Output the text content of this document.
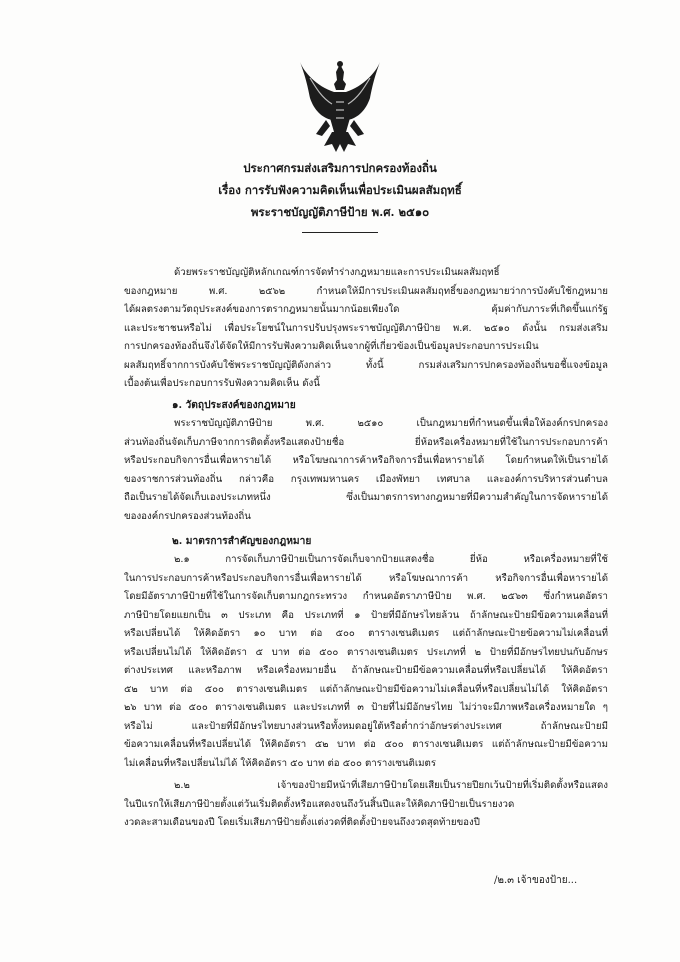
ประกาศกรมส่งเสริมการปกครองท้องถิ่น
เรื่อง การรับฟังความคิดเห็นเพื่อประเมินผลสัมฤทธิ์
พระราชบัญญัติภาษีป้าย พ.ศ. ๒๕๑๐
ด้วยพระราชบัญญัติหลักเกณฑ์การจัดทำร่างกฎหมายและการประเมินผลสัมฤทธิ์
ของกฎหมาย พ.ศ. ๒๕๖๒ กำหนดให้มีการประเมินผลสัมฤทธิ์ของกฎหมายว่าการบังคับใช้กฎหมาย
ได้ผลตรงตามวัตถุประสงค์ของการตรากฎหมายนั้นมากน้อยเพียงใด คุ้มค่ากับภาระที่เกิดขึ้นแก่รัฐ
และประชาชนหรือไม่ เพื่อประโยชน์ในการปรับปรุงพระราชบัญญัติภาษีป้าย พ.ศ. ๒๕๑๐ ดังนั้น กรมส่งเสริม
การปกครองท้องถิ่นจึงได้จัดให้มีการรับฟังความคิดเห็นจากผู้ที่เกี่ยวข้องเป็นข้อมูลประกอบการประเมิน
ผลสัมฤทธิ์จากการบังคับใช้พระราชบัญญัติดังกล่าว ทั้งนี้ กรมส่งเสริมการปกครองท้องถิ่นขอชี้แจงข้อมูล
เบื้องต้นเพื่อประกอบการรับฟังความคิดเห็น ดังนี้
๑. วัตถุประสงค์ของกฎหมาย
พระราชบัญญัติภาษีป้าย พ.ศ. ๒๕๑๐ เป็นกฎหมายที่กำหนดขึ้นเพื่อให้องค์กรปกครอง
ส่วนท้องถิ่นจัดเก็บภาษีจากการติดตั้งหรือแสดงป้ายชื่อ ยี่ห้อหรือเครื่องหมายที่ใช้ในการประกอบการค้า
หรือประกอบกิจการอื่นเพื่อหารายได้ หรือโฆษณาการค้าหรือกิจการอื่นเพื่อหารายได้ โดยกำหนดให้เป็นรายได้
ของราชการส่วนท้องถิ่น กล่าวคือ กรุงเทพมหานคร เมืองพัทยา เทศบาล และองค์การบริหารส่วนตำบล
ถือเป็นรายได้จัดเก็บเองประเภทหนึ่ง ซึ่งเป็นมาตรการทางกฎหมายที่มีความสำคัญในการจัดหารายได้
ขององค์กรปกครองส่วนท้องถิ่น
๒. มาตรการสำคัญของกฎหมาย
๒.๑ การจัดเก็บภาษีป้ายเป็นการจัดเก็บจากป้ายแสดงชื่อ ยี่ห้อ หรือเครื่องหมายที่ใช้
ในการประกอบการค้าหรือประกอบกิจการอื่นเพื่อหารายได้ หรือโฆษณาการค้า หรือกิจการอื่นเพื่อหารายได้
โดยมีอัตราภาษีป้ายที่ใช้ในการจัดเก็บตามกฎกระทรวง กำหนดอัตราภาษีป้าย พ.ศ. ๒๕๖๓ ซึ่งกำหนดอัตรา
ภาษีป้ายโดยแยกเป็น ๓ ประเภท คือ ประเภทที่ ๑ ป้ายที่มีอักษรไทยล้วน ถ้าลักษณะป้ายมีข้อความเคลื่อนที่
หรือเปลี่ยนได้ ให้คิดอัตรา ๑๐ บาท ต่อ ๕๐๐ ตารางเซนติเมตร แต่ถ้าลักษณะป้ายข้อความไม่เคลื่อนที่
หรือเปลี่ยนไม่ได้ ให้คิดอัตรา ๕ บาท ต่อ ๕๐๐ ตารางเซนติเมตร ประเภทที่ ๒ ป้ายที่มีอักษรไทยปนกับอักษร
ต่างประเทศ และหรือภาพ หรือเครื่องหมายอื่น ถ้าลักษณะป้ายมีข้อความเคลื่อนที่หรือเปลี่ยนได้ ให้คิดอัตรา
๕๒ บาท ต่อ ๕๐๐ ตารางเซนติเมตร แต่ถ้าลักษณะป้ายมีข้อความไม่เคลื่อนที่หรือเปลี่ยนไม่ได้ ให้คิดอัตรา
๒๖ บาท ต่อ ๕๐๐ ตารางเซนติเมตร และประเภทที่ ๓ ป้ายที่ไม่มีอักษรไทย ไม่ว่าจะมีภาพหรือเครื่องหมายใด ๆ
หรือไม่ และป้ายที่มีอักษรไทยบางส่วนหรือทั้งหมดอยู่ใต้หรือต่ำกว่าอักษรต่างประเทศ ถ้าลักษณะป้ายมี
ข้อความเคลื่อนที่หรือเปลี่ยนได้ ให้คิดอัตรา ๕๒ บาท ต่อ ๕๐๐ ตารางเซนติเมตร แต่ถ้าลักษณะป้ายมีข้อความ
ไม่เคลื่อนที่หรือเปลี่ยนไม่ได้ ให้คิดอัตรา ๕๐ บาท ต่อ ๕๐๐ ตารางเซนติเมตร
๒.๒ เจ้าของป้ายมีหน้าที่เสียภาษีป้ายโดยเสียเป็นรายปียกเว้นป้ายที่เริ่มติดตั้งหรือแสดง
ในปีแรกให้เสียภาษีป้ายตั้งแต่วันเริ่มติดตั้งหรือแสดงจนถึงวันสิ้นปีและให้คิดภาษีป้ายเป็นรายงวด
งวดละสามเดือนของปี โดยเริ่มเสียภาษีป้ายตั้งแต่งวดที่ติดตั้งป้ายจนถึงงวดสุดท้ายของปี
/๒.๓ เจ้าของป้าย...
